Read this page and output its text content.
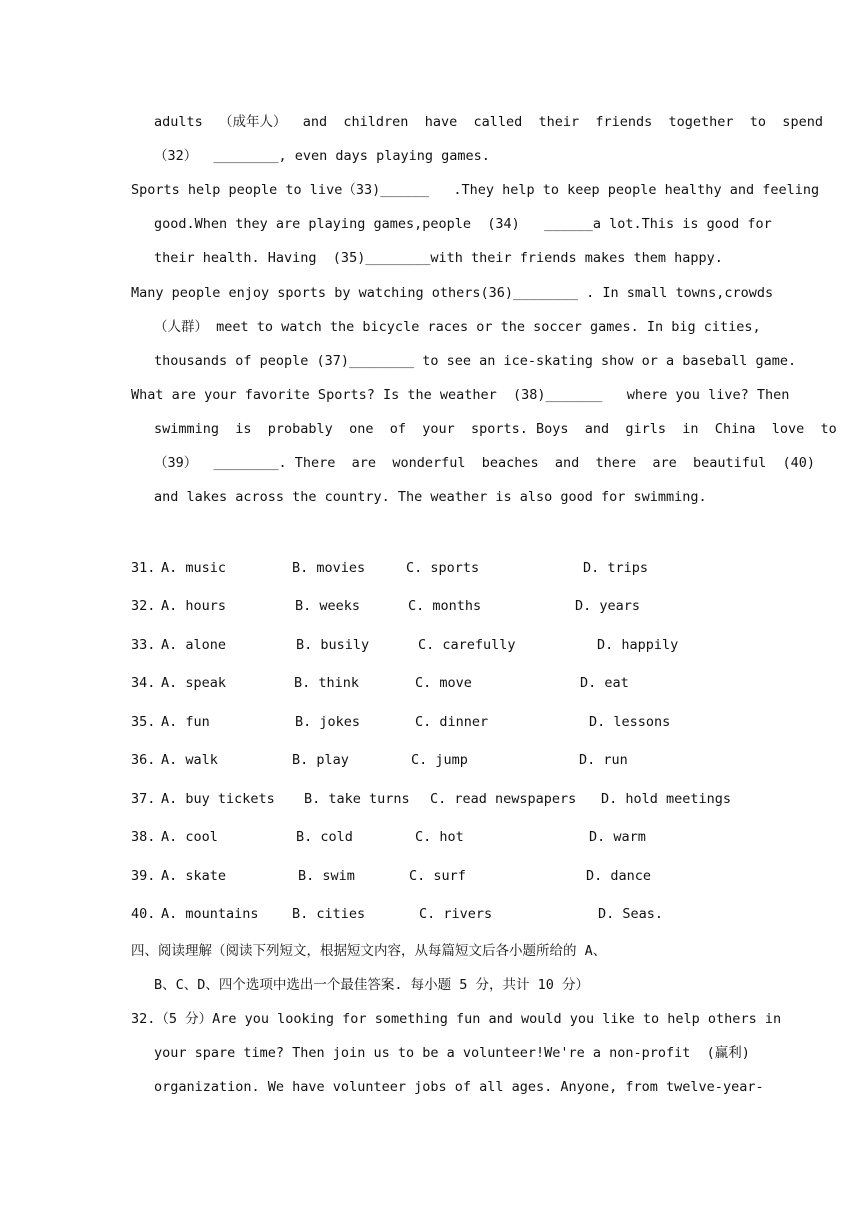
adults  （成年人）  and  children  have  called  their  friends  together  to  spend
（32）  ________, even days playing games.
Sports help people to live（33)______   .They help to keep people healthy and feeling
good.When they are playing games,people  (34)   ______a lot.This is good for
their health. Having  (35)________with their friends makes them happy.
Many people enjoy sports by watching others(36)________ . In small towns,crowds
（人群） meet to watch the bicycle races or the soccer games. In big cities,
thousands of people (37)________ to see an ice-skating show or a baseball game.
What are your favorite Sports? Is the weather  (38)_______   where you live? Then
swimming  is  probably  one  of  your  sports. Boys  and  girls  in  China  love  to
（39）  ________. There  are  wonderful  beaches  and  there  are  beautiful  (40)
and lakes across the country. The weather is also good for swimming.
31. A. music	B. movies	C. sports	D. trips
32. A. hours	B. weeks	C. months	D. years
33. A. alone	B. busily	C. carefully	D. happily
34. A. speak	B. think	C. move	D. eat
35. A. fun	B. jokes	C. dinner	D. lessons
36. A. walk	B. play	C. jump	D. run
37. A. buy tickets B. take turns C. read newspapers D. hold meetings
38. A. cool	B. cold	C. hot	D. warm
39. A. skate	B. swim	C. surf	D. dance
40. A. mountains B. cities	C. rivers	D. Seas.
四、阅读理解（阅读下列短文，根据短文内容，从每篇短文后各小题所给的 A、
B、C、D、四个选项中选出一个最佳答案. 每小题 5 分，共计 10 分）
32.（5 分）Are you looking for something fun and would you like to help others in
your spare time? Then join us to be a volunteer!We're a non-profit  (赢利)
organization. We have volunteer jobs of all ages. Anyone, from twelve-year-
